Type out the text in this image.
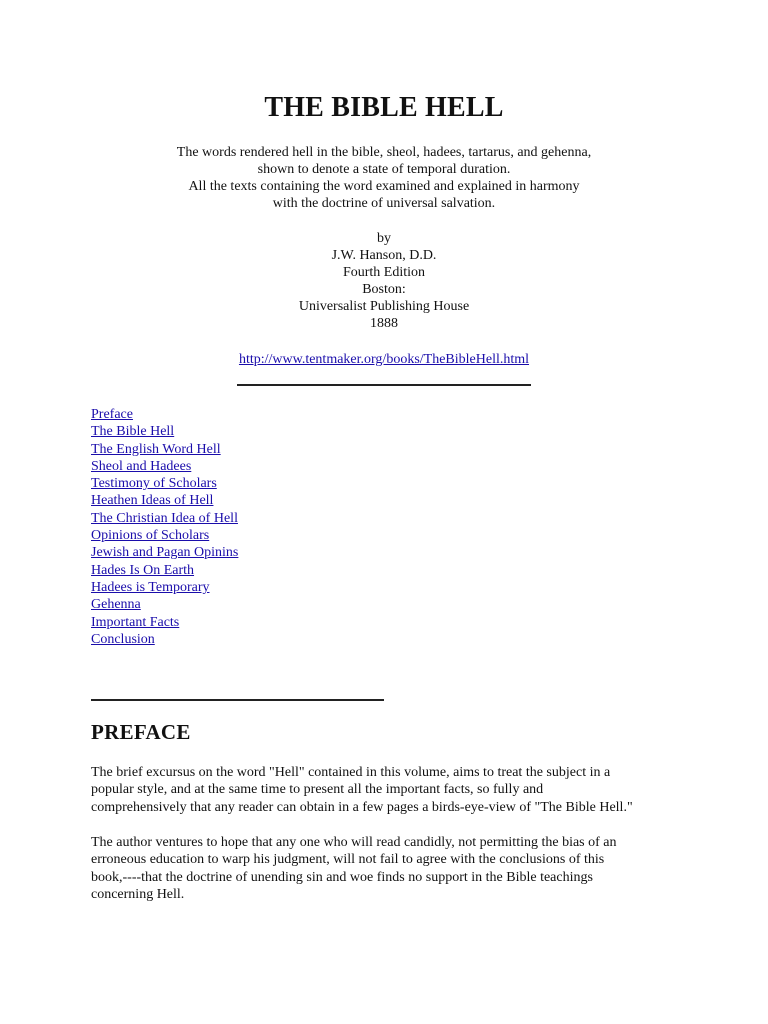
THE BIBLE HELL
The words rendered hell in the bible, sheol, hadees, tartarus, and gehenna,
shown to denote a state of temporal duration.
All the texts containing the word examined and explained in harmony
with the doctrine of universal salvation.
by
J.W. Hanson, D.D.
Fourth Edition
Boston:
Universalist Publishing House
1888
http://www.tentmaker.org/books/TheBibleHell.html
Preface
The Bible Hell
The English Word Hell
Sheol and Hadees
Testimony of Scholars
Heathen Ideas of Hell
The Christian Idea of Hell
Opinions of Scholars
Jewish and Pagan Opinins
Hades Is On Earth
Hadees is Temporary
Gehenna
Important Facts
Conclusion
PREFACE
The brief excursus on the word "Hell" contained in this volume, aims to treat the subject in a
popular style, and at the same time to present all the important facts, so fully and
comprehensively that any reader can obtain in a few pages a birds-eye-view of "The Bible Hell."
The author ventures to hope that any one who will read candidly, not permitting the bias of an
erroneous education to warp his judgment, will not fail to agree with the conclusions of this
book,----that the doctrine of unending sin and woe finds no support in the Bible teachings
concerning Hell.
